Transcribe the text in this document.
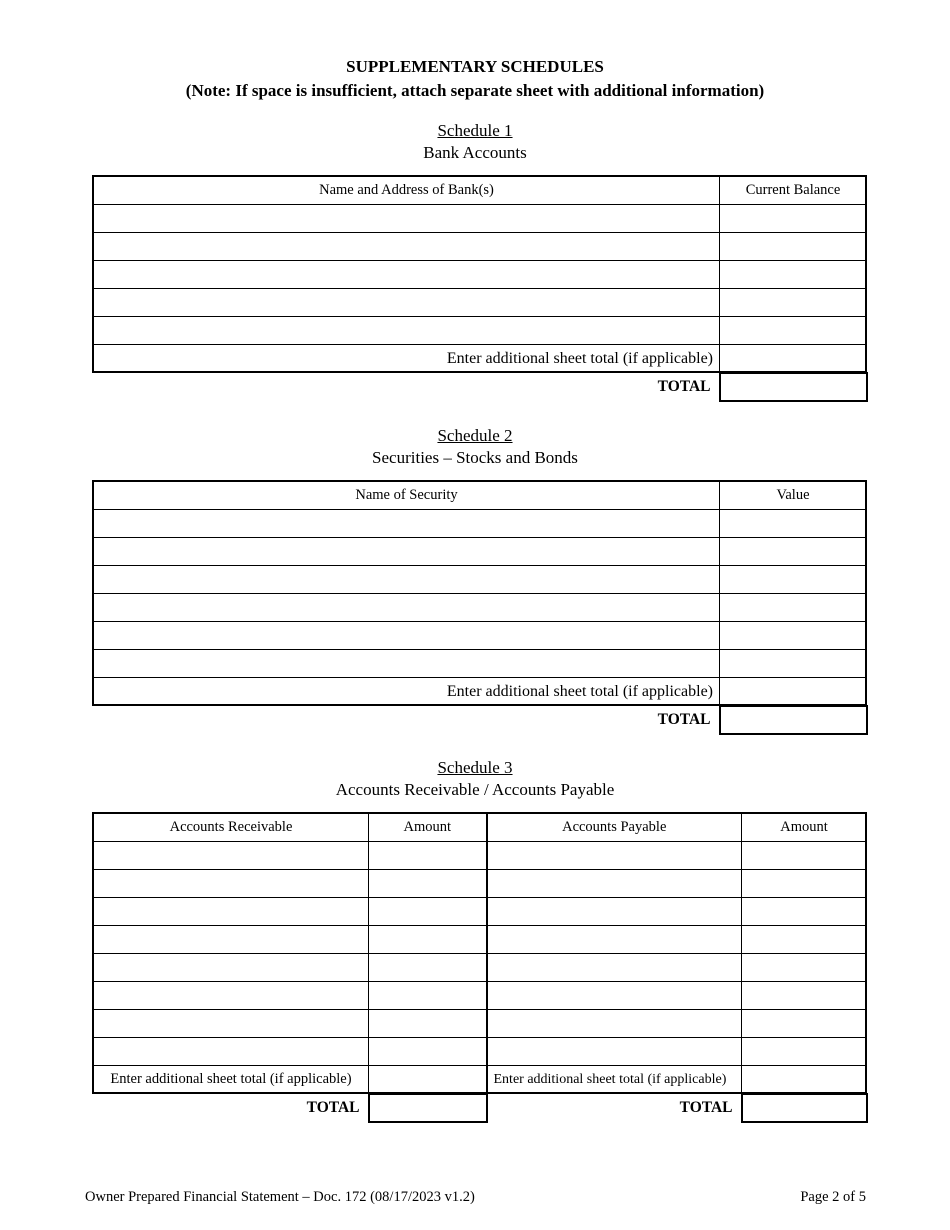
SUPPLEMENTARY SCHEDULES
(Note: If space is insufficient, attach separate sheet with additional information)
Schedule 1
Bank Accounts
Name and Address of Bank(s)	Current Balance

Enter additional sheet total (if applicable)	
TOTAL	
Schedule 2
Securities – Stocks and Bonds
Name of Security	Value

Enter additional sheet total (if applicable)	
TOTAL	
Schedule 3
Accounts Receivable / Accounts Payable
Accounts Receivable	Amount	Accounts Payable	Amount

Enter additional sheet total (if applicable)		Enter additional sheet total (if applicable)	
TOTAL		TOTAL	
Owner Prepared Financial Statement – Doc. 172 (08/17/2023 v1.2)	Page 2 of 5
